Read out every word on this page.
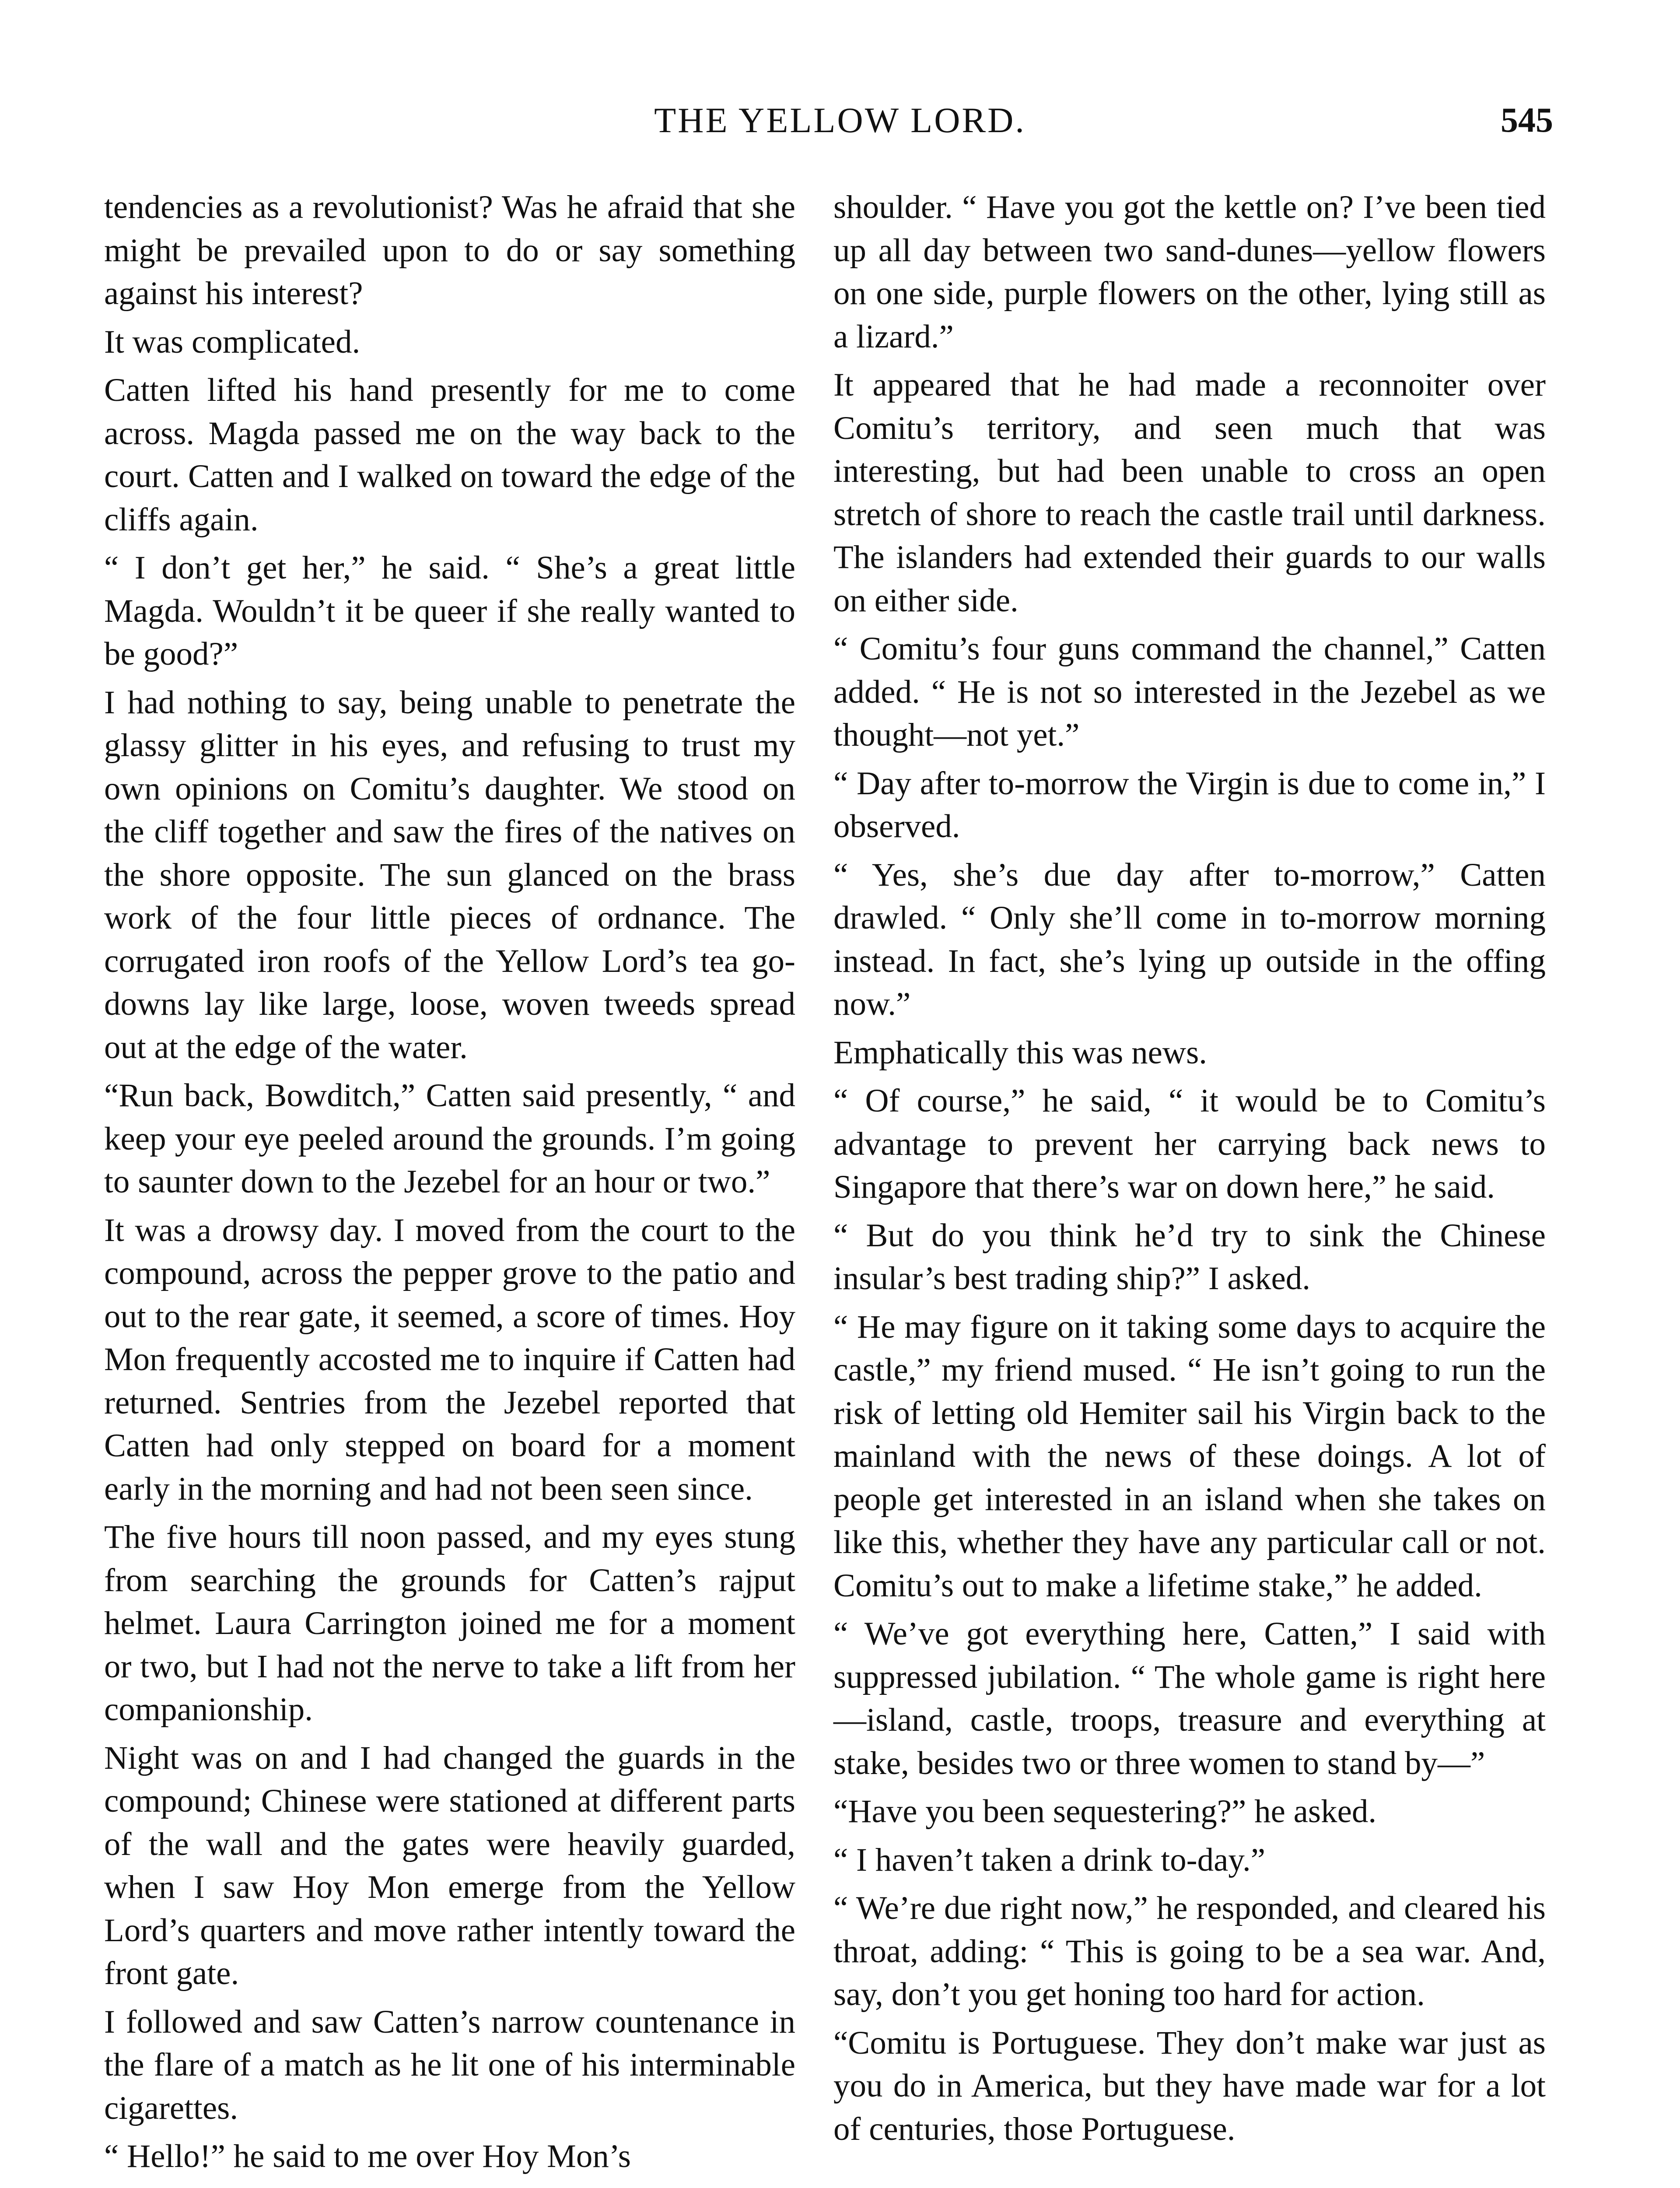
THE YELLOW LORD.	545

tendencies as a revolutionist? Was he afraid that she might be prevailed upon to do or say something against his interest?

It was complicated.

Catten lifted his hand presently for me to come across. Magda passed me on the way back to the court. Catten and I walked on toward the edge of the cliffs again.

“ I don’t get her,” he said. “ She’s a great little Magda. Wouldn’t it be queer if she really wanted to be good?”

I had nothing to say, being unable to penetrate the glassy glitter in his eyes, and refusing to trust my own opinions on Comitu’s daughter. We stood on the cliff together and saw the fires of the natives on the shore opposite. The sun glanced on the brass work of the four little pieces of ordnance. The corrugated iron roofs of the Yellow Lord’s tea go-downs lay like large, loose, woven tweeds spread out at the edge of the water.

“Run back, Bowditch,” Catten said presently, “ and keep your eye peeled around the grounds. I’m going to saunter down to the Jezebel for an hour or two.”

It was a drowsy day. I moved from the court to the compound, across the pepper grove to the patio and out to the rear gate, it seemed, a score of times. Hoy Mon frequently accosted me to inquire if Catten had returned. Sentries from the Jezebel reported that Catten had only stepped on board for a moment early in the morning and had not been seen since.

The five hours till noon passed, and my eyes stung from searching the grounds for Catten’s rajput helmet. Laura Carrington joined me for a moment or two, but I had not the nerve to take a lift from her companionship.

Night was on and I had changed the guards in the compound; Chinese were stationed at different parts of the wall and the gates were heavily guarded, when I saw Hoy Mon emerge from the Yellow Lord’s quarters and move rather intently toward the front gate.

I followed and saw Catten’s narrow countenance in the flare of a match as he lit one of his interminable cigarettes.

“ Hello!” he said to me over Hoy Mon’s

shoulder. “ Have you got the kettle on? I’ve been tied up all day between two sand-dunes—yellow flowers on one side, purple flowers on the other, lying still as a lizard.”

It appeared that he had made a reconnoiter over Comitu’s territory, and seen much that was interesting, but had been unable to cross an open stretch of shore to reach the castle trail until darkness. The islanders had extended their guards to our walls on either side.

“ Comitu’s four guns command the channel,” Catten added. “ He is not so interested in the Jezebel as we thought—not yet.”

“ Day after to-morrow the Virgin is due to come in,” I observed.

“ Yes, she’s due day after to-morrow,” Catten drawled. “ Only she’ll come in to-morrow morning instead. In fact, she’s lying up outside in the offing now.”

Emphatically this was news.

“ Of course,” he said, “ it would be to Comitu’s advantage to prevent her carrying back news to Singapore that there’s war on down here,” he said.

“ But do you think he’d try to sink the Chinese insular’s best trading ship?” I asked.

“ He may figure on it taking some days to acquire the castle,” my friend mused. “ He isn’t going to run the risk of letting old Hemiter sail his Virgin back to the mainland with the news of these doings. A lot of people get interested in an island when she takes on like this, whether they have any particular call or not. Comitu’s out to make a lifetime stake,” he added.

“ We’ve got everything here, Catten,” I said with suppressed jubilation. “ The whole game is right here—island, castle, troops, treasure and everything at stake, besides two or three women to stand by—”

“Have you been sequestering?” he asked.

“ I haven’t taken a drink to-day.”

“ We’re due right now,” he responded, and cleared his throat, adding: “ This is going to be a sea war. And, say, don’t you get honing too hard for action.

“Comitu is Portuguese. They don’t make war just as you do in America, but they have made war for a lot of centuries, those Portuguese.
